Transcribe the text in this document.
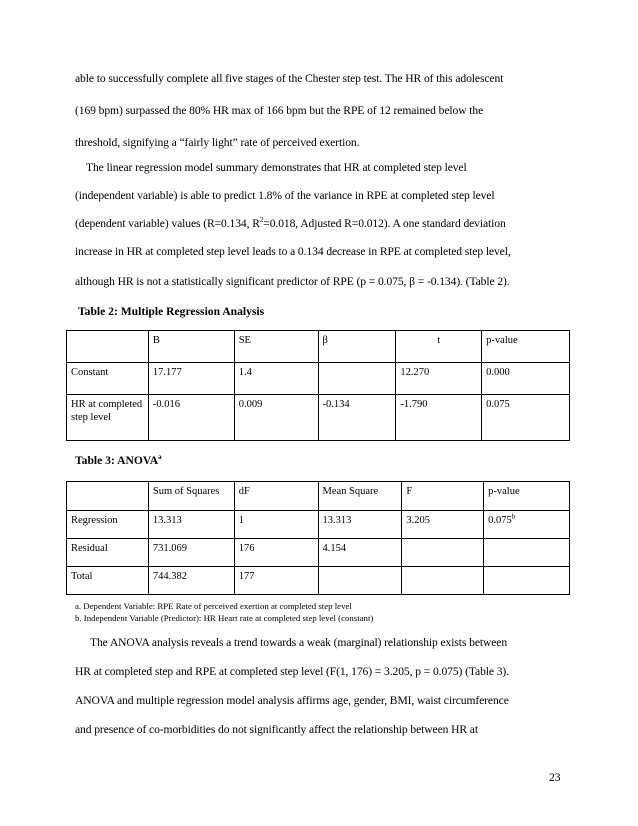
able to successfully complete all five stages of the Chester step test. The HR of this adolescent
(169 bpm) surpassed the 80% HR max of 166 bpm but the RPE of 12 remained below the
threshold, signifying a “fairly light” rate of perceived exertion.
The linear regression model summary demonstrates that HR at completed step level
(independent variable) is able to predict 1.8% of the variance in RPE at completed step level
(dependent variable) values (R=0.134, $R^2=0.018$, Adjusted R=0.012). A one standard deviation
increase in HR at completed step level leads to a 0.134 decrease in RPE at completed step level,
although HR is not a statistically significant predictor of RPE (p = 0.075, β = -0.134). (Table 2).
Table 2: Multiple Regression Analysis
	B	SE	β	t	p-value
Constant	17.177	1.4		12.270	0.000
HR at completed step level	-0.016	0.009	-0.134	-1.790	0.075
Table 3: ANOVA$^a$
	Sum of Squares	dF	Mean Square	F	p-value
Regression	13.313	1	13.313	3.205	0.075$^b$
Residual	731.069	176	4.154		
Total	744.382	177			
a. Dependent Variable: RPE Rate of perceived exertion at completed step level
b. Independent Variable (Predictor): HR Heart rate at completed step level (constant)
The ANOVA analysis reveals a trend towards a weak (marginal) relationship exists between
HR at completed step and RPE at completed step level (F(1, 176) = 3.205, p = 0.075) (Table 3).
ANOVA and multiple regression model analysis affirms age, gender, BMI, waist circumference
and presence of co-morbidities do not significantly affect the relationship between HR at
23
